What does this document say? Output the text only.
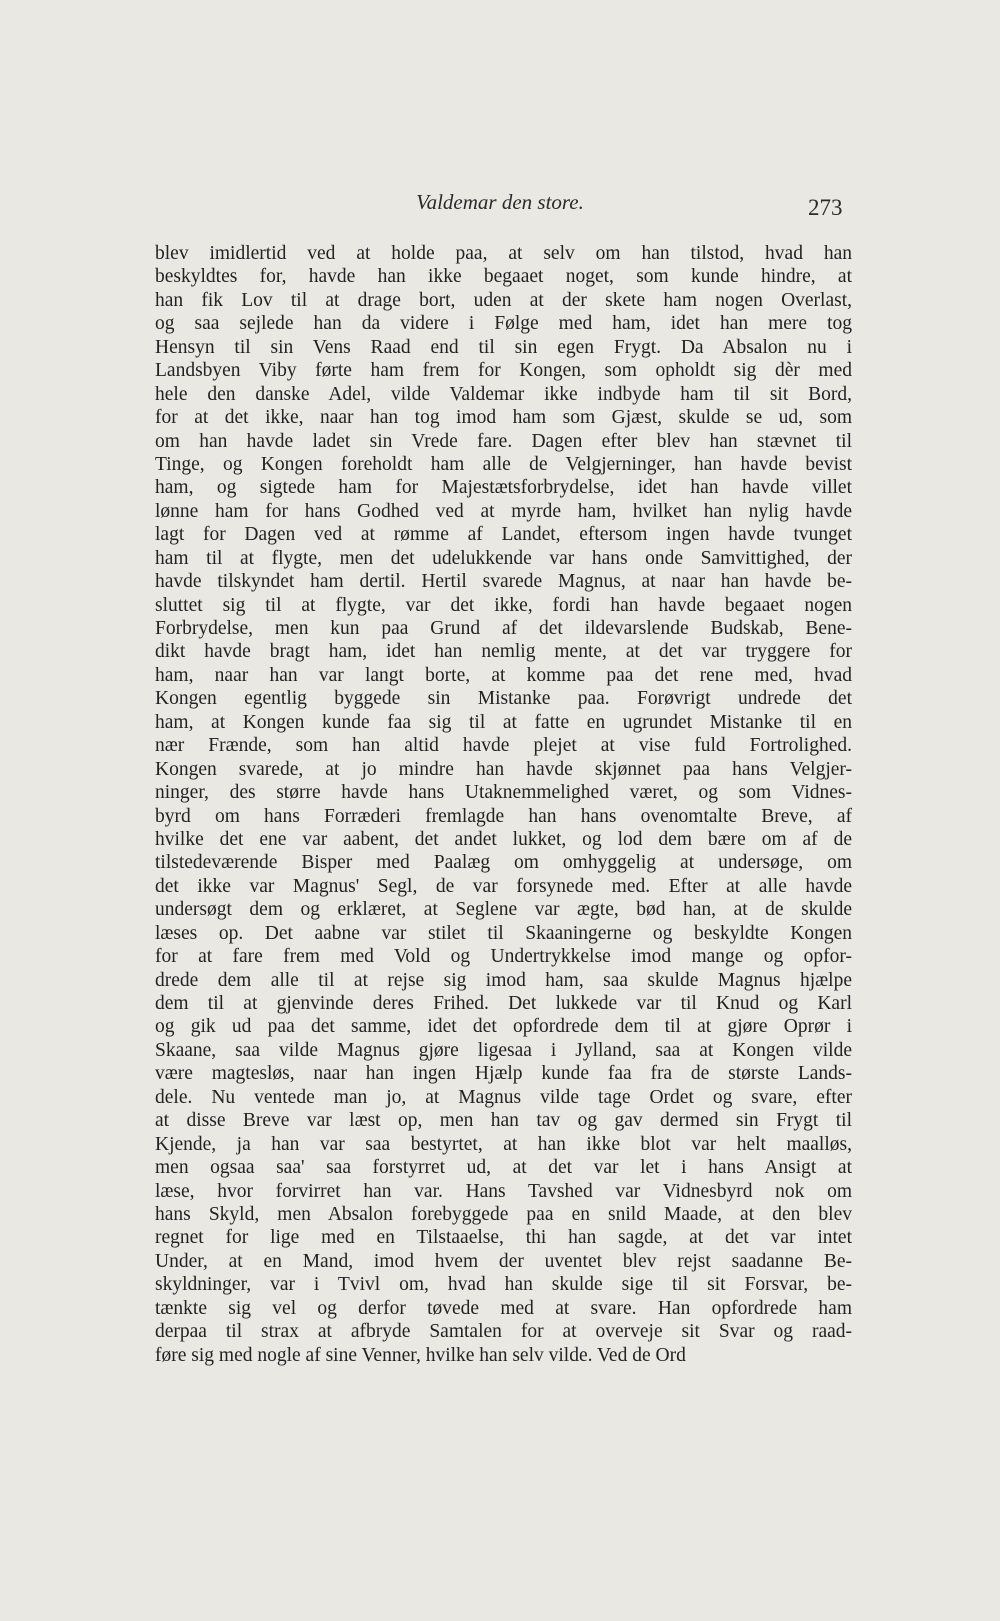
Valdemar den store.	273
blev imidlertid ved at holde paa, at selv om han tilstod, hvad han
beskyldtes for, havde han ikke begaaet noget, som kunde hindre, at
han fik Lov til at drage bort, uden at der skete ham nogen Overlast,
og saa sejlede han da videre i Følge med ham, idet han mere tog
Hensyn til sin Vens Raad end til sin egen Frygt. Da Absalon nu i
Landsbyen Viby førte ham frem for Kongen, som opholdt sig dèr med
hele den danske Adel, vilde Valdemar ikke indbyde ham til sit Bord,
for at det ikke, naar han tog imod ham som Gjæst, skulde se ud, som
om han havde ladet sin Vrede fare. Dagen efter blev han stævnet til
Tinge, og Kongen foreholdt ham alle de Velgjerninger, han havde bevist
ham, og sigtede ham for Majestætsforbrydelse, idet han havde villet
lønne ham for hans Godhed ved at myrde ham, hvilket han nylig havde
lagt for Dagen ved at rømme af Landet, eftersom ingen havde tvunget
ham til at flygte, men det udelukkende var hans onde Samvittighed, der
havde tilskyndet ham dertil. Hertil svarede Magnus, at naar han havde be-
sluttet sig til at flygte, var det ikke, fordi han havde begaaet nogen
Forbrydelse, men kun paa Grund af det ildevarslende Budskab, Bene-
dikt havde bragt ham, idet han nemlig mente, at det var tryggere for
ham, naar han var langt borte, at komme paa det rene med, hvad
Kongen egentlig byggede sin Mistanke paa. Forøvrigt undrede det
ham, at Kongen kunde faa sig til at fatte en ugrundet Mistanke til en
nær Frænde, som han altid havde plejet at vise fuld Fortrolighed.
Kongen svarede, at jo mindre han havde skjønnet paa hans Velgjer-
ninger, des større havde hans Utaknemmelighed været, og som Vidnes-
byrd om hans Forræderi fremlagde han hans ovenomtalte Breve, af
hvilke det ene var aabent, det andet lukket, og lod dem bære om af de
tilstedeværende Bisper med Paalæg om omhyggelig at undersøge, om
det ikke var Magnus' Segl, de var forsynede med. Efter at alle havde
undersøgt dem og erklæret, at Seglene var ægte, bød han, at de skulde
læses op. Det aabne var stilet til Skaaningerne og beskyldte Kongen
for at fare frem med Vold og Undertrykkelse imod mange og opfor-
drede dem alle til at rejse sig imod ham, saa skulde Magnus hjælpe
dem til at gjenvinde deres Frihed. Det lukkede var til Knud og Karl
og gik ud paa det samme, idet det opfordrede dem til at gjøre Oprør i
Skaane, saa vilde Magnus gjøre ligesaa i Jylland, saa at Kongen vilde
være magtesløs, naar han ingen Hjælp kunde faa fra de største Lands-
dele. Nu ventede man jo, at Magnus vilde tage Ordet og svare, efter
at disse Breve var læst op, men han tav og gav dermed sin Frygt til
Kjende, ja han var saa bestyrtet, at han ikke blot var helt maalløs,
men ogsaa saa' saa forstyrret ud, at det var let i hans Ansigt at
læse, hvor forvirret han var. Hans Tavshed var Vidnesbyrd nok om
hans Skyld, men Absalon forebyggede paa en snild Maade, at den blev
regnet for lige med en Tilstaaelse, thi han sagde, at det var intet
Under, at en Mand, imod hvem der uventet blev rejst saadanne Be-
skyldninger, var i Tvivl om, hvad han skulde sige til sit Forsvar, be-
tænkte sig vel og derfor tøvede med at svare. Han opfordrede ham
derpaa til strax at afbryde Samtalen for at overveje sit Svar og raad-
føre sig med nogle af sine Venner, hvilke han selv vilde. Ved de Ord
